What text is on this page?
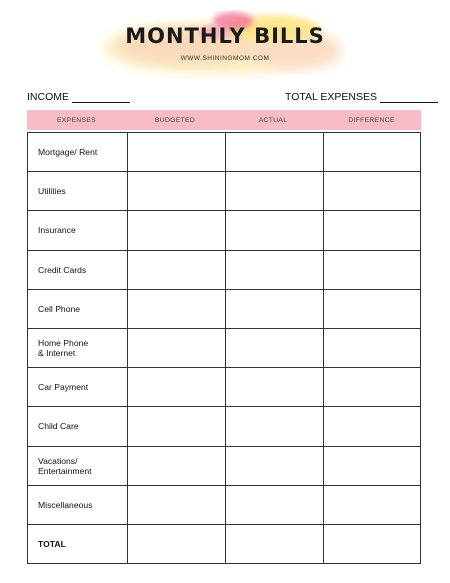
MONTHLY BILLS
WWW.SHININGMOM.COM
INCOME	TOTAL EXPENSES
EXPENSES	BUDGETED	ACTUAL	DIFFERENCE
Mortgage/ Rent
Utilities
Insurance
Credit Cards
Cell Phone
Home Phone
& Internet
Car Payment
Child Care
Vacations/
Entertainment
Miscellaneous
TOTAL
